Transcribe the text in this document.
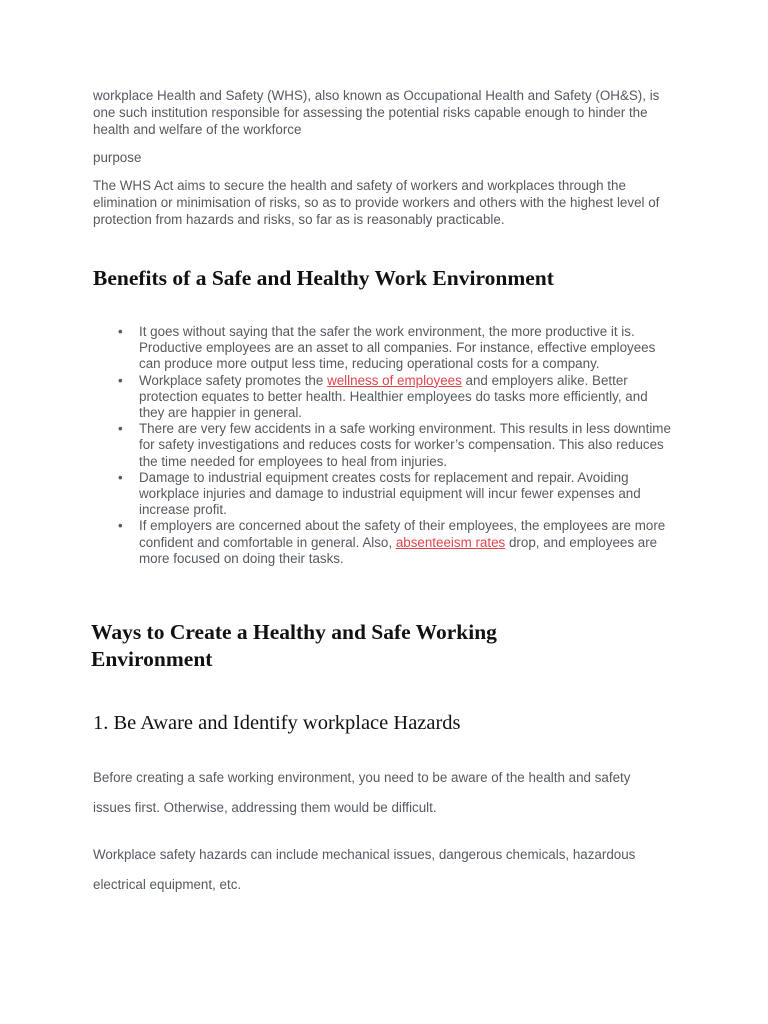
workplace Health and Safety (WHS), also known as Occupational Health and Safety (OH&S), is one such institution responsible for assessing the potential risks capable enough to hinder the health and welfare of the workforce

purpose

The WHS Act aims to secure the health and safety of workers and workplaces through the elimination or minimisation of risks, so as to provide workers and others with the highest level of protection from hazards and risks, so far as is reasonably practicable.

Benefits of a Safe and Healthy Work Environment
• It goes without saying that the safer the work environment, the more productive it is. Productive employees are an asset to all companies. For instance, effective employees can produce more output less time, reducing operational costs for a company.
• Workplace safety promotes the wellness of employees and employers alike. Better protection equates to better health. Healthier employees do tasks more efficiently, and they are happier in general.
• There are very few accidents in a safe working environment. This results in less downtime for safety investigations and reduces costs for worker’s compensation. This also reduces the time needed for employees to heal from injuries.
• Damage to industrial equipment creates costs for replacement and repair. Avoiding workplace injuries and damage to industrial equipment will incur fewer expenses and increase profit.
• If employers are concerned about the safety of their employees, the employees are more confident and comfortable in general. Also, absenteeism rates drop, and employees are more focused on doing their tasks.
Ways to Create a Healthy and Safe Working Environment
1. Be Aware and Identify workplace Hazards

Before creating a safe working environment, you need to be aware of the health and safety issues first. Otherwise, addressing them would be difficult.

Workplace safety hazards can include mechanical issues, dangerous chemicals, hazardous electrical equipment, etc.
